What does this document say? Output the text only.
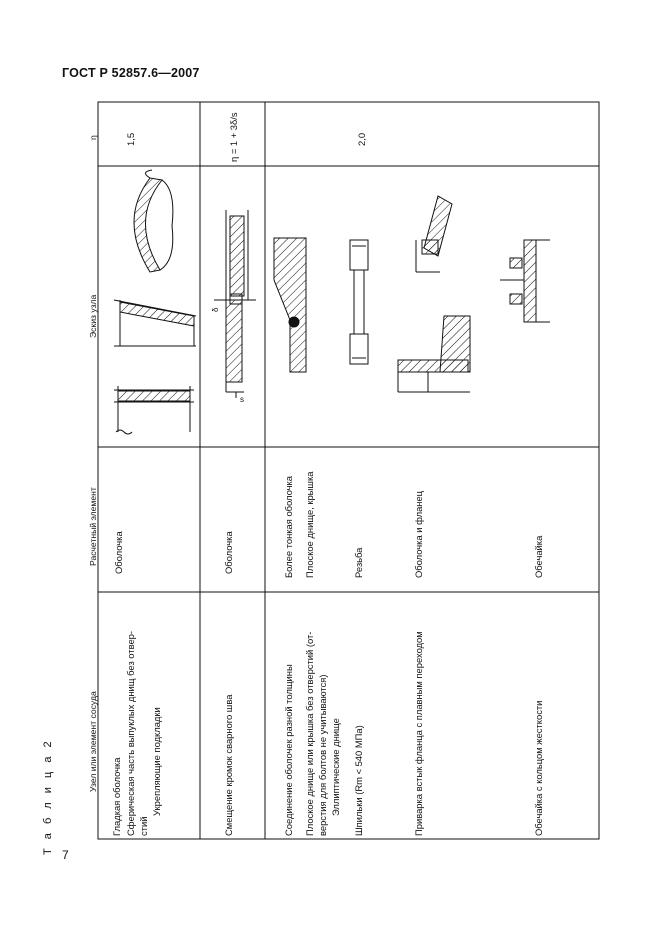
ГОСТ Р 52857.6—2007
7
Т а б л и ц а 2
δ
s
Узел или элемент сосуда
Расчетный элемент
Эскиз узла
η
Гладкая оболочка Сферическая часть выпуклых днищ без отвер- стий
Укрепляющие подкладки
Оболочка
1,5
Смещение кромок сварного шва
Оболочка
η = 1 + 3δ/s
Соединение оболочек разной толщины
Более тонкая оболочка
2,0
Плоское днище или крышка без отверстий (от- верстия для болтов не учитываются) Эллиптические днище
Плоское днище, крышка
Шпильки (Rm < 540 МПа)
Резьба
Приварка встык фланца с плавным переходом
Оболочка и фланец
Обечайка с кольцом жесткости
Обечайка
